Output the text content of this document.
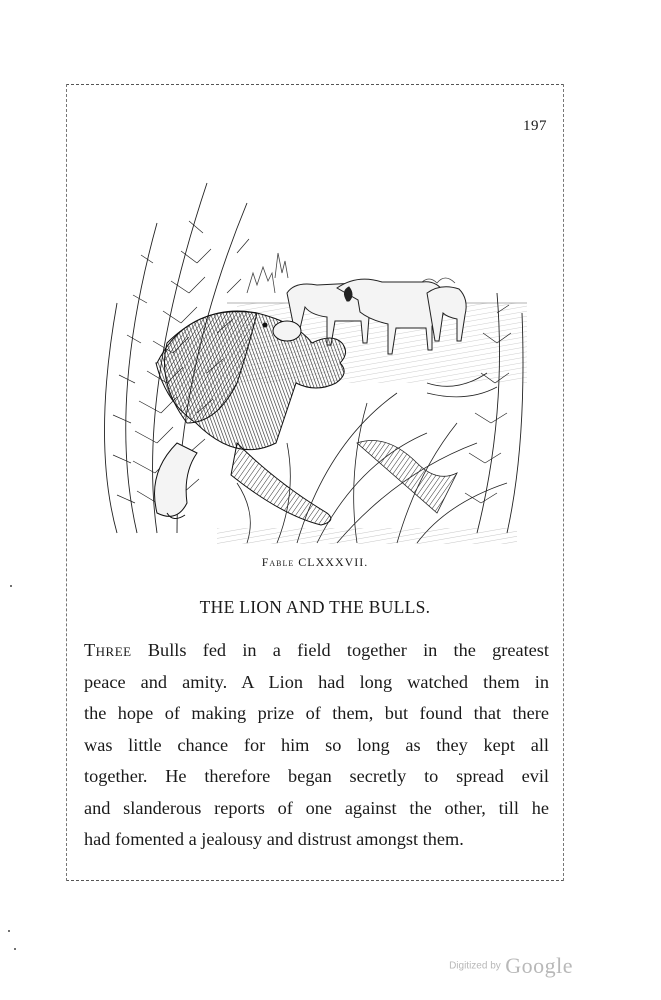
197
Fable CLXXXVII.
THE LION AND THE BULLS.
Three Bulls fed in a field together in the greatest
peace and amity. A Lion had long watched them in
the hope of making prize of them, but found that there
was little chance for him so long as they kept all
together. He therefore began secretly to spread evil
and slanderous reports of one against the other, till he
had fomented a jealousy and distrust amongst them.
Digitized by Google
